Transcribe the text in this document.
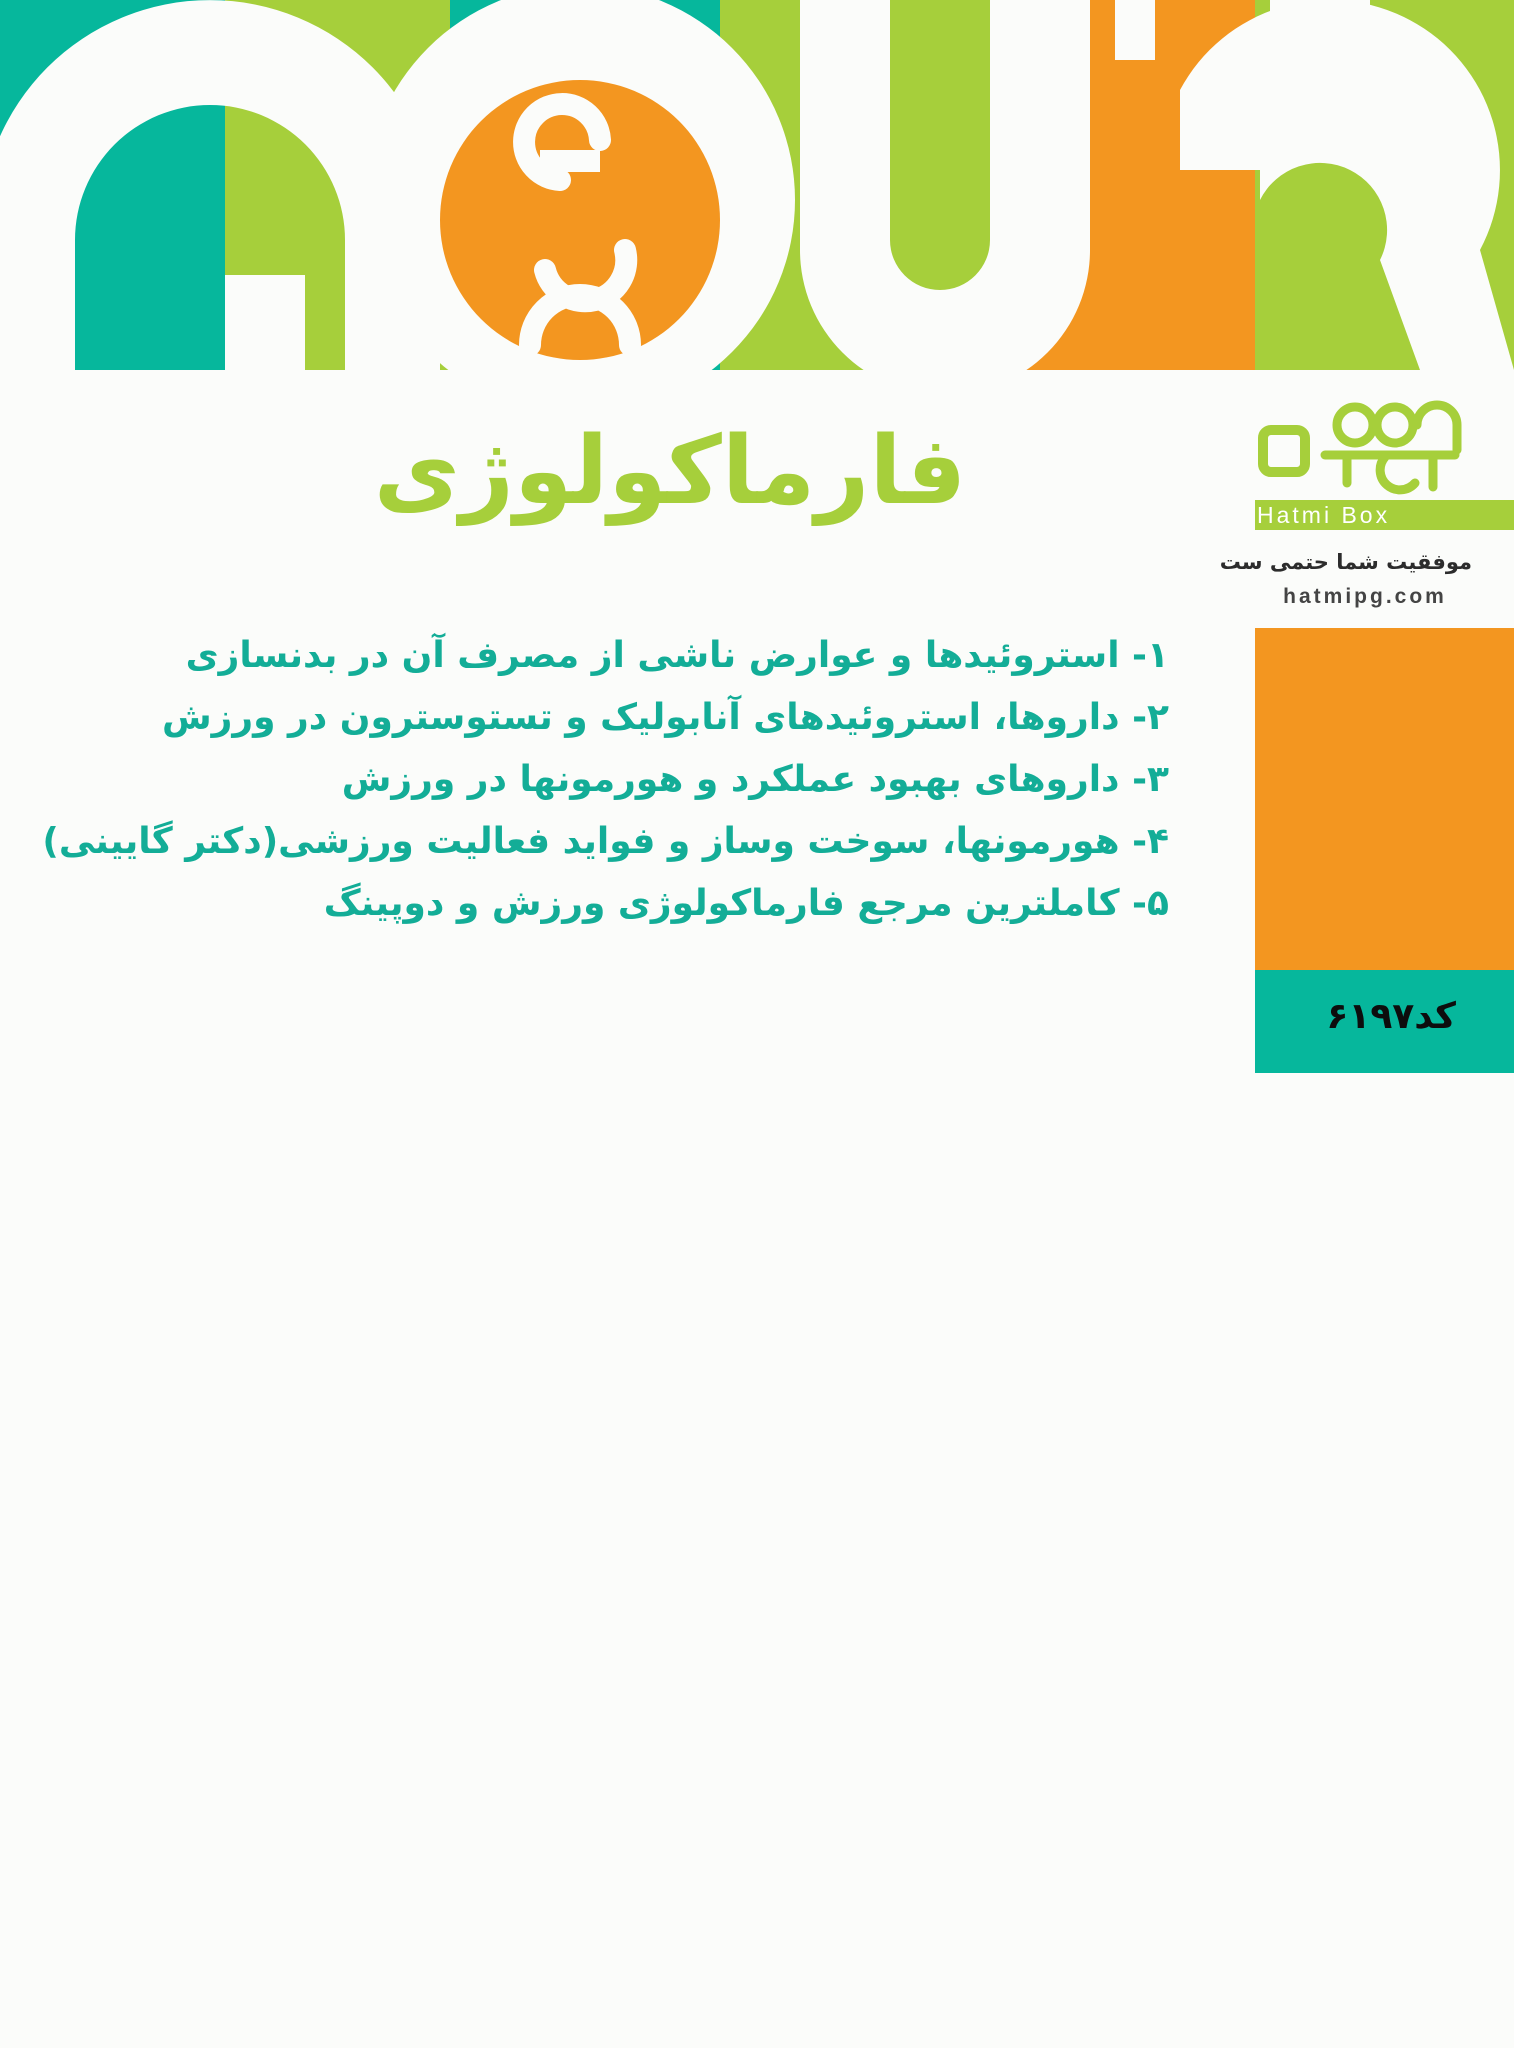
فارماکولوژی
۱- استروئیدها و عوارض ناشی از مصرف آن در بدنسازی
۲- داروها، استروئیدهای آنابولیک و تستوسترون در ورزش
۳- داروهای بهبود عملکرد و هورمونها در ورزش
۴- هورمونها، سوخت وساز و فواید فعالیت ورزشی(دکتر گایینی)
۵- کاملترین مرجع فارماکولوژی ورزش و دوپینگ
Hatmi Box
موفقیت شما حتمی ست
hatmipg.com
کد۶۱۹۷
